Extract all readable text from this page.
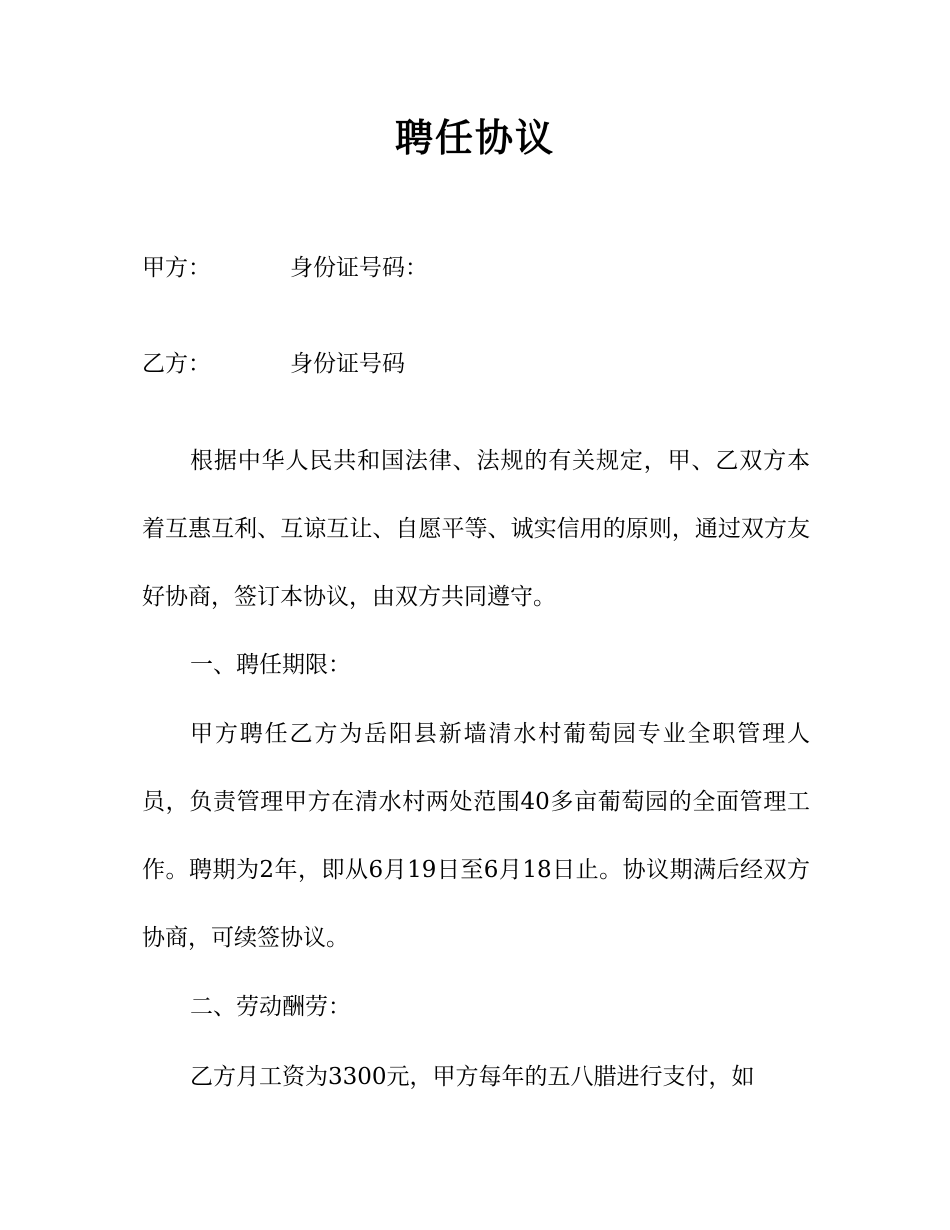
聘任协议
甲方：	身份证号码：
乙方：	身份证号码
根据中华人民共和国法律、法规的有关规定，甲、乙双方本着互惠互利、互谅互让、自愿平等、诚实信用的原则，通过双方友好协商，签订本协议，由双方共同遵守。
一、聘任期限：
甲方聘任乙方为岳阳县新墙清水村葡萄园专业全职管理人员，负责管理甲方在清水村两处范围40多亩葡萄园的全面管理工作。聘期为2年，即从6月19日至6月18日止。协议期满后经双方协商，可续签协议。
二、劳动酬劳：
乙方月工资为3300元，甲方每年的五八腊进行支付，如
